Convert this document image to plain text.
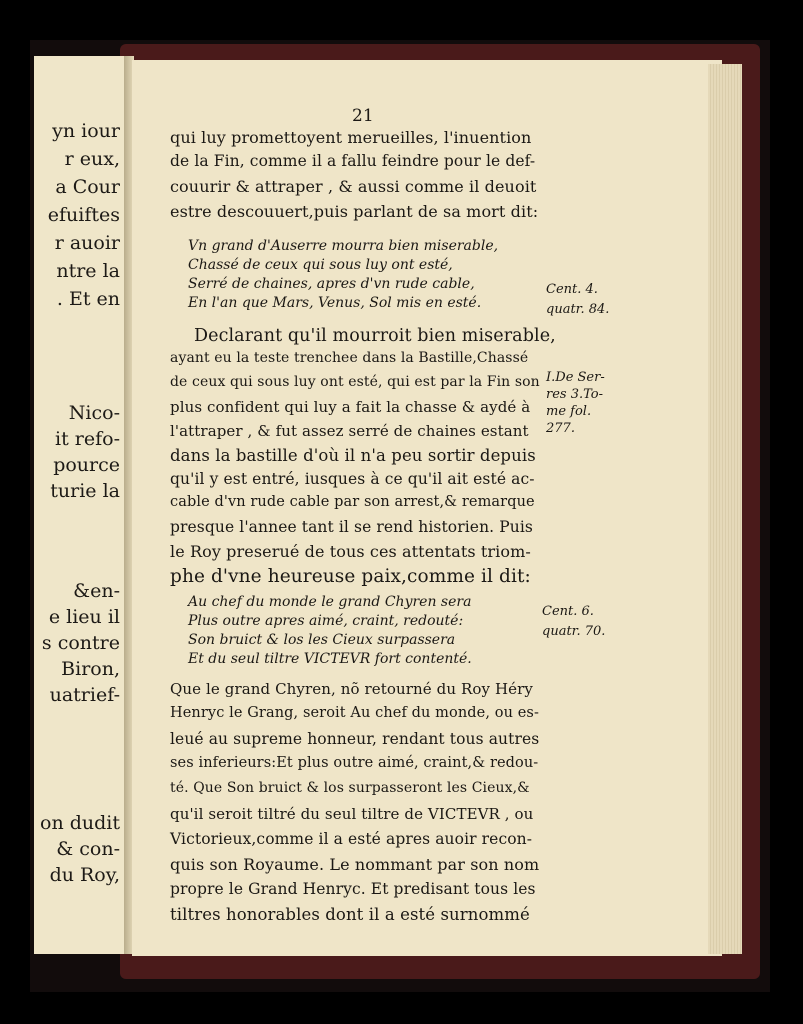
yn iour
r eux,
a Cour
efuiftes
r auoir
ntre la
. Et en
Nico-
it refo-
pource
turie la
&en-
e lieu il
s contre
Biron,
uatrief-
on dudit
& con-
du Roy,
21
qui luy promettoyent merueilles, l'inuention
de la Fin, comme il a fallu feindre pour le def-
couurir & attraper , & aussi comme il deuoit
estre descouuert,puis parlant de sa mort dit:
Vn grand d'Auserre mourra bien miserable,
Chassé de ceux qui sous luy ont esté,
Serré de chaines, apres d'vn rude cable,
En l'an que Mars, Venus, Sol mis en esté.
Cent. 4.
quatr. 84.
Declarant qu'il mourroit bien miserable,
ayant eu la teste trenchee dans la Bastille,Chassé
de ceux qui sous luy ont esté, qui est par la Fin son
plus confident qui luy a fait la chasse & aydé à
l'attraper , & fut assez serré de chaines estant
dans la bastille d'où il n'a peu sortir depuis
qu'il y est entré, iusques à ce qu'il ait esté ac-
cable d'vn rude cable par son arrest,& remarque
presque l'annee tant il se rend historien. Puis
le Roy preserué de tous ces attentats triom-
phe d'vne heureuse paix,comme il dit:
I.De Ser-
res 3.To-
me fol.
277.
Au chef du monde le grand Chyren sera
Plus outre apres aimé, craint, redouté:
Son bruict & los les Cieux surpassera
Et du seul tiltre VICTEVR fort contenté.
Cent. 6.
quatr. 70.
Que le grand Chyren, nõ retourné du Roy Héry
Henryc le Grang, seroit Au chef du monde, ou es-
leué au supreme honneur, rendant tous autres
ses inferieurs:Et plus outre aimé, craint,& redou-
té. Que Son bruict & los surpasseront les Cieux,&
qu'il seroit tiltré du seul tiltre de VICTEVR , ou
Victorieux,comme il a esté apres auoir recon-
quis son Royaume. Le nommant par son nom
propre le Grand Henryc. Et predisant tous les
tiltres honorables dont il a esté surnommé
